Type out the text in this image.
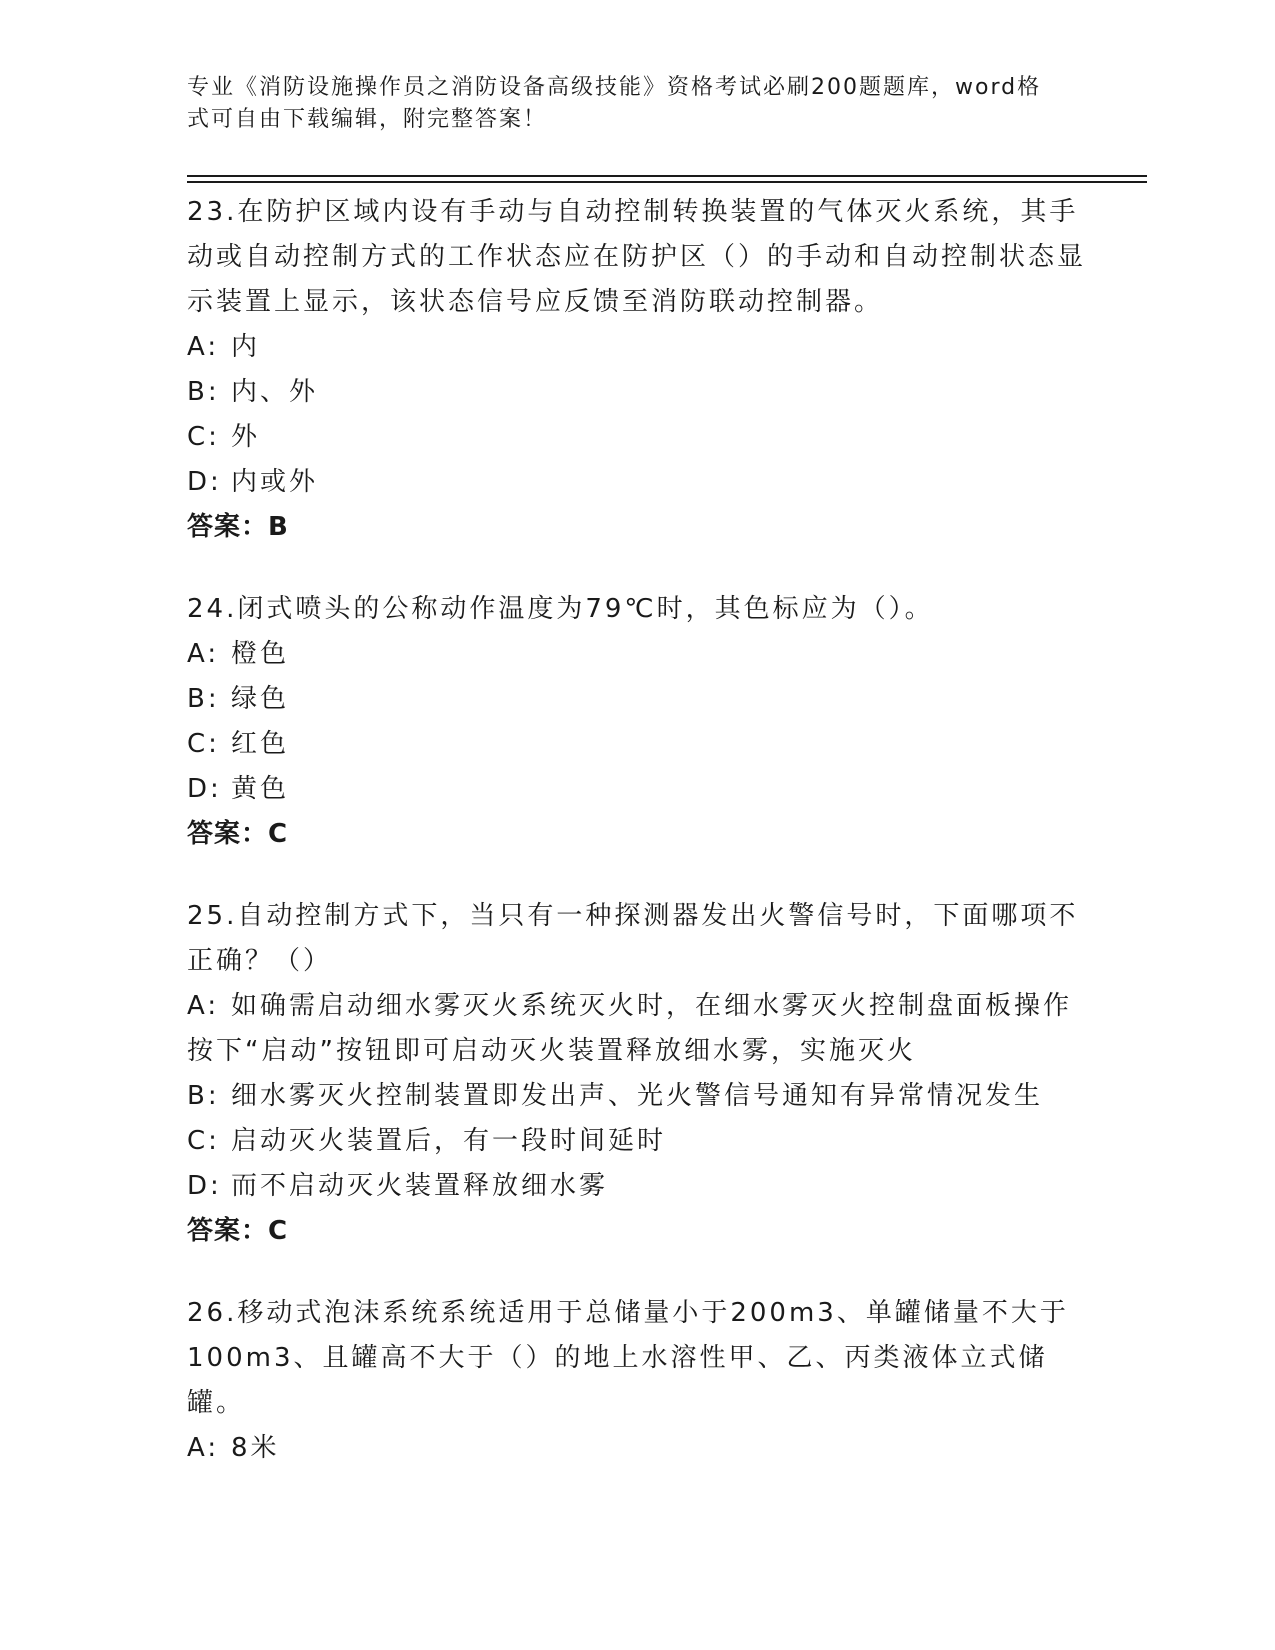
专业《消防设施操作员之消防设备高级技能》资格考试必刷200题题库，word格式可自由下载编辑，附完整答案！
23.在防护区域内设有手动与自动控制转换装置的气体灭火系统，其手动或自动控制方式的工作状态应在防护区（）的手动和自动控制状态显示装置上显示，该状态信号应反馈至消防联动控制器。
A: 内
B: 内、外
C: 外
D: 内或外
答案：B
24.闭式喷头的公称动作温度为79℃时，其色标应为（）。
A: 橙色
B: 绿色
C: 红色
D: 黄色
答案：C
25.自动控制方式下，当只有一种探测器发出火警信号时，下面哪项不正确？（）
A: 如确需启动细水雾灭火系统灭火时，在细水雾灭火控制盘面板操作
按下“启动”按钮即可启动灭火装置释放细水雾，实施灭火
B: 细水雾灭火控制装置即发出声、光火警信号通知有异常情况发生
C: 启动灭火装置后，有一段时间延时
D: 而不启动灭火装置释放细水雾
答案：C
26.移动式泡沫系统系统适用于总储量小于200m3、单罐储量不大于100m3、且罐高不大于（）的地上水溶性甲、乙、丙类液体立式储罐。
A: 8米
